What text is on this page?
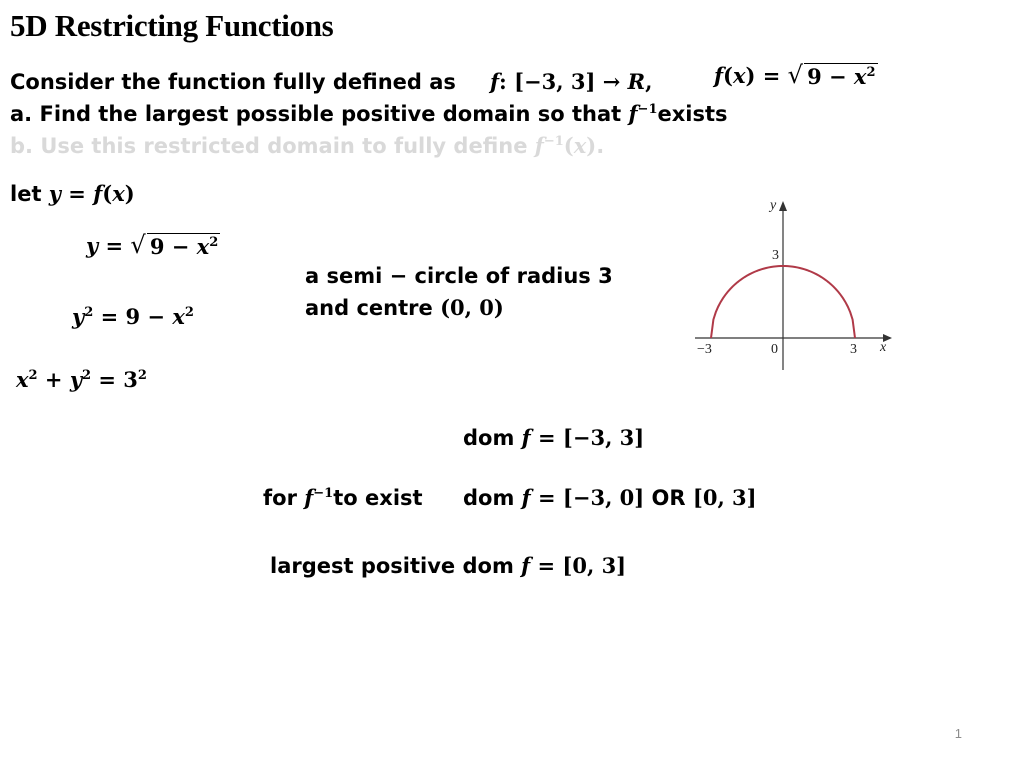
5D Restricting Functions
Consider the function fully defined as f: [−3, 3] → R,	f(x) = √ $9 - x^2$
a. Find the largest possible positive domain so that $f^{-1}exists$
b. Use this restricted domain to fully define $f^{-1}(x)$.
let y = f(x)
y = √ $9 - x^2$
$y^2 = 9 - x^2$
$x^2 + y^2 = 3^2$
a semi − circle of radius 3
and centre (0, 0)
y
x
0
−3	3
3
dom f = [−3, 3]
for $f^{-1}to$ exist dom f = [−3, 0] OR [0, 3]
largest positive dom f = [0, 3]
1
